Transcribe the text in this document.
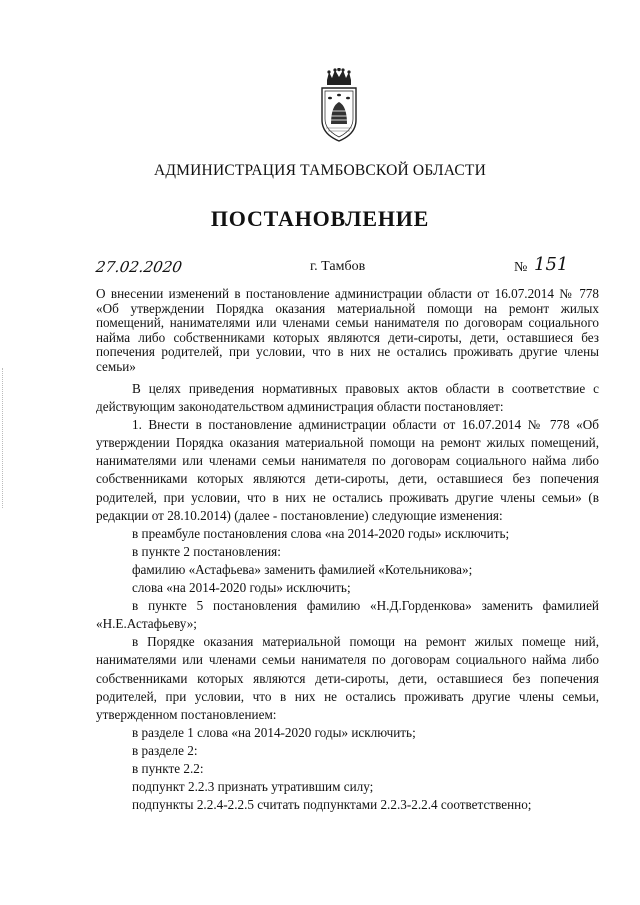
АДМИНИСТРАЦИЯ ТАМБОВСКОЙ ОБЛАСТИ
ПОСТАНОВЛЕНИЕ
27.02.2020	г. Тамбов	№ 151
О внесении изменений в постановление администрации области от 16.07.2014 № 778 «Об утверждении Порядка оказания материальной помощи на ремонт жилых помещений, нанимателями или членами семьи нанимателя по договорам социального найма либо собственниками которых являются дети-сироты, дети, оставшиеся без попечения родителей, при условии, что в них не остались проживать другие члены семьи»

В целях приведения нормативных правовых актов области в соответствие с действующим законодательством администрация области постановляет:

1. Внести в постановление администрации области от 16.07.2014 № 778 «Об утверждении Порядка оказания материальной помощи на ремонт жилых помещений, нанимателями или членами семьи нанимателя по договорам социального найма либо собственниками которых являются дети-сироты, дети, оставшиеся без попечения родителей, при условии, что в них не остались проживать другие члены семьи» (в редакции от 28.10.2014) (далее - постановление) следующие изменения:

в преамбуле постановления слова «на 2014-2020 годы» исключить;

в пункте 2 постановления:

фамилию «Астафьева» заменить фамилией «Котельникова»;

слова «на 2014-2020 годы» исключить;

в пункте 5 постановления фамилию «Н.Д.Горденкова» заменить фамилией «Н.Е.Астафьеву»;

в Порядке оказания материальной помощи на ремонт жилых помеще ний, нанимателями или членами семьи нанимателя по договорам социального найма либо собственниками которых являются дети-сироты, дети, оставшиеся без попечения родителей, при условии, что в них не остались проживать другие члены семьи, утвержденном постановлением:

в разделе 1 слова «на 2014-2020 годы» исключить;

в разделе 2:

в пункте 2.2:

подпункт 2.2.3 признать утратившим силу;

подпункты 2.2.4-2.2.5 считать подпунктами 2.2.3-2.2.4 соответственно;
